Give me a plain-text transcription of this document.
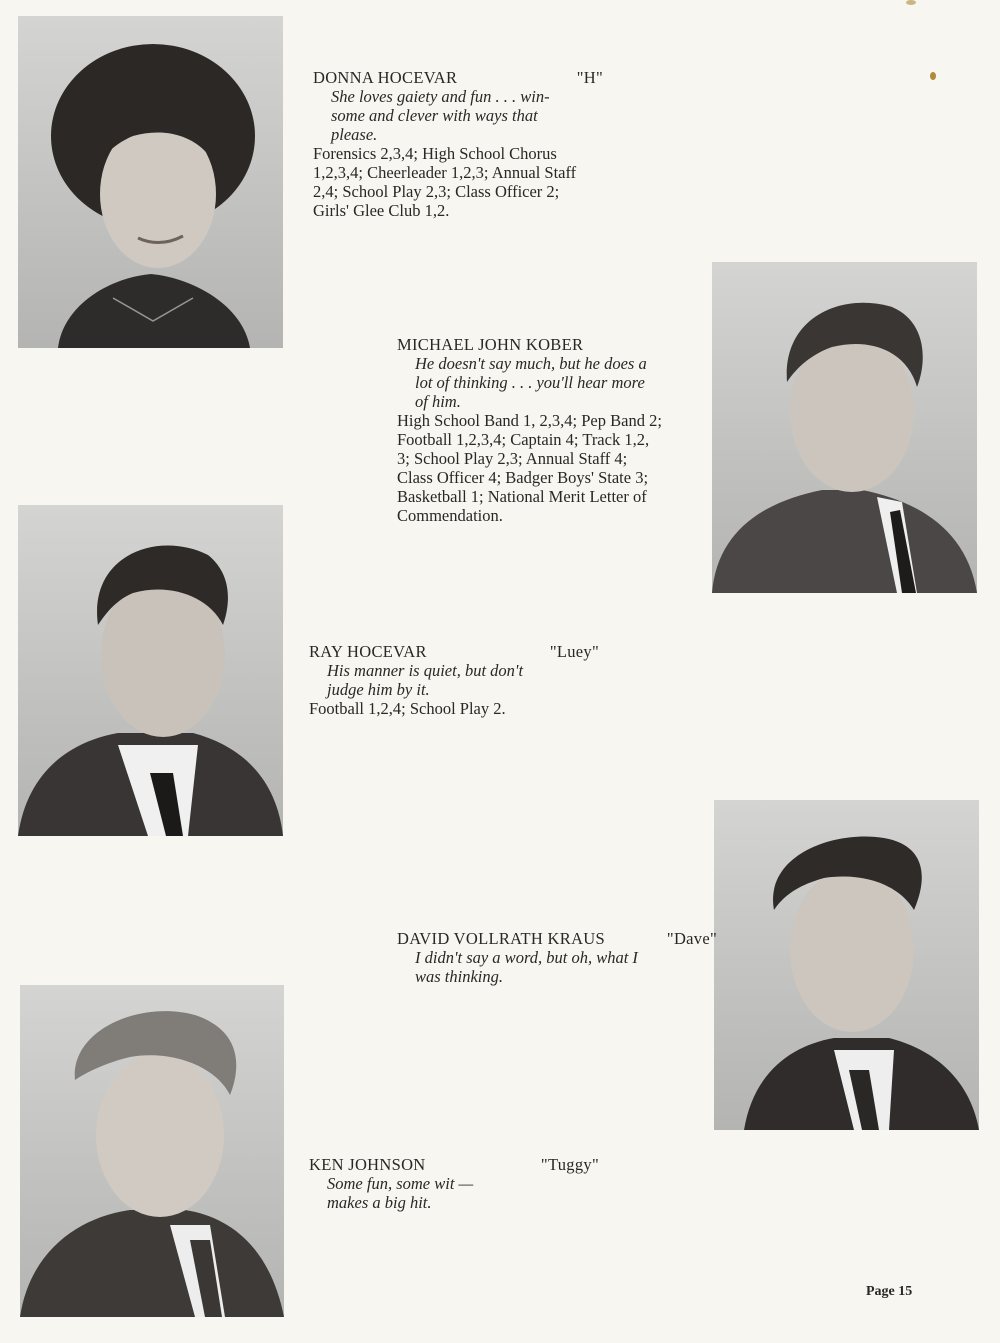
DONNA HOCEVAR	"H"
She loves gaiety and fun . . . win-
some and clever with ways that
please.
Forensics 2,3,4; High School Chorus
1,2,3,4; Cheerleader 1,2,3; Annual Staff
2,4; School Play 2,3; Class Officer 2;
Girls' Glee Club 1,2.
MICHAEL JOHN KOBER
He doesn't say much, but he does a
lot of thinking . . . you'll hear more
of him.
High School Band 1, 2,3,4; Pep Band 2;
Football 1,2,3,4; Captain 4; Track 1,2,
3; School Play 2,3; Annual Staff 4;
Class Officer 4; Badger Boys' State 3;
Basketball 1; National Merit Letter of
Commendation.
RAY HOCEVAR	"Luey"
His manner is quiet, but don't
judge him by it.
Football 1,2,4; School Play 2.
DAVID VOLLRATH KRAUS	"Dave"
I didn't say a word, but oh, what I
was thinking.
KEN JOHNSON	"Tuggy"
Some fun, some wit —
makes a big hit.
Page 15
